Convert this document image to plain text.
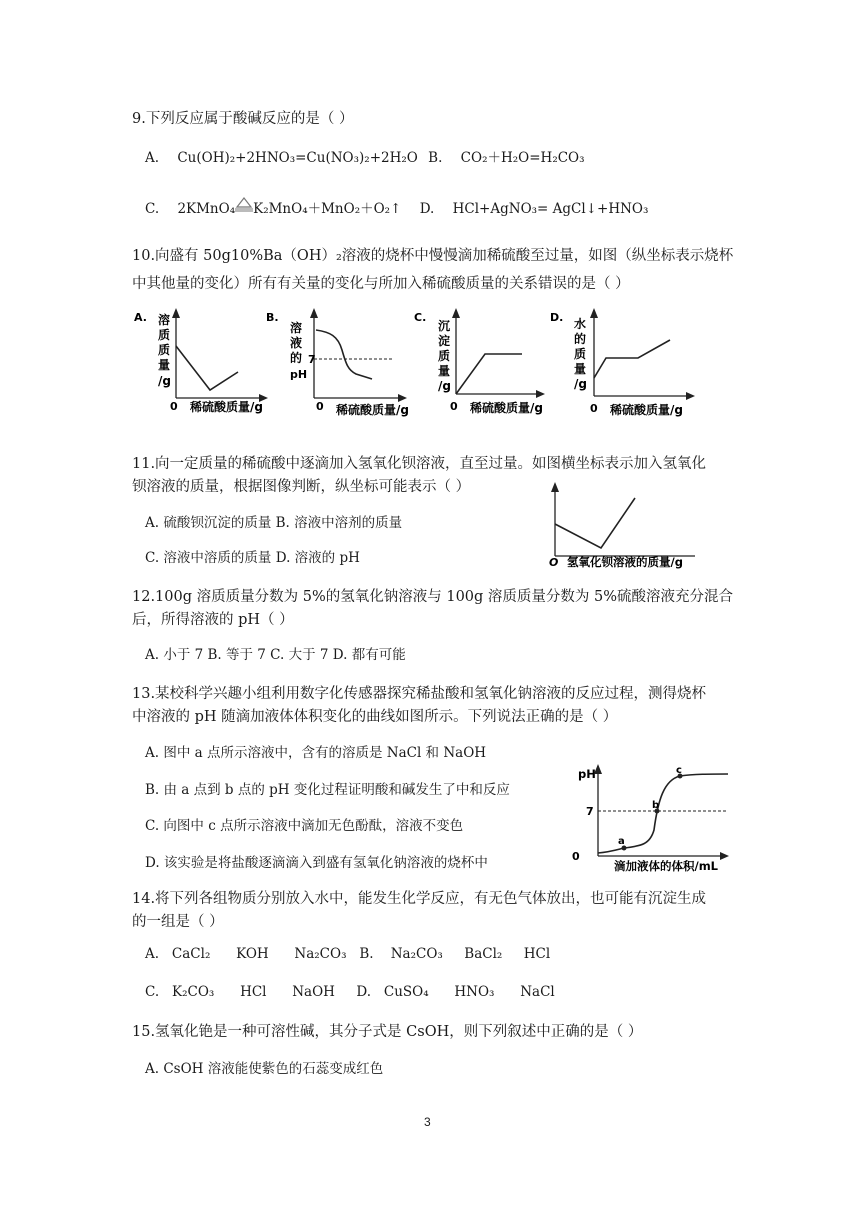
9.下列反应属于酸碱反应的是（ ）
A. Cu(OH)₂+2HNO₃=Cu(NO₃)₂+2H₂O B. CO₂＋H₂O=H₂CO₃
C. 2KMnO₄ K₂MnO₄＋MnO₂＋O₂↑ D. HCl+AgNO₃= AgCl↓+HNO₃
10.向盛有 50g10%Ba（OH）₂溶液的烧杯中慢慢滴加稀硫酸至过量，如图（纵坐标表示烧杯
中其他量的变化）所有有关量的变化与所加入稀硫酸质量的关系错误的是（ ）
A. 溶
质
质
量
/g
0 稀硫酸质量/g
B.
溶
液
的 7
pH
0 稀硫酸质量/g
C.
沉
淀
质
量
/g
0 稀硫酸质量/g
D. 水
的
质
量
/g
0 稀硫酸质量/g
11.向一定质量的稀硫酸中逐滴加入氢氧化钡溶液，直至过量。如图横坐标表示加入氢氧化
钡溶液的质量，根据图像判断，纵坐标可能表示（ ）
A. 硫酸钡沉淀的质量 B. 溶液中溶剂的质量
C. 溶液中溶质的质量 D. 溶液的 pH	O 氢氧化钡溶液的质量/g
12.100g 溶质质量分数为 5%的氢氧化钠溶液与 100g 溶质质量分数为 5%硫酸溶液充分混合
后，所得溶液的 pH（ ）
A. 小于 7 B. 等于 7 C. 大于 7 D. 都有可能
13.某校科学兴趣小组利用数字化传感器探究稀盐酸和氢氧化钠溶液的反应过程，测得烧杯
中溶液的 pH 随滴加液体体积变化的曲线如图所示。下列说法正确的是（ ）
A. 图中 a 点所示溶液中，含有的溶质是 NaCl 和 NaOH
B. 由 a 点到 b 点的 pH 变化过程证明酸和碱发生了中和反应
C. 向图中 c 点所示溶液中滴加无色酚酞，溶液不变色
D. 该实验是将盐酸逐滴滴入到盛有氢氧化钠溶液的烧杯中
pH
7
a
b
c
0
滴加液体的体积/mL
14.将下列各组物质分别放入水中，能发生化学反应，有无色气体放出，也可能有沉淀生成
的一组是（ ）
A.   CaCl₂      KOH      Na₂CO₃   B.    Na₂CO₃     BaCl₂     HCl
C.   K₂CO₃      HCl      NaOH     D.   CuSO₄      HNO₃      NaCl
15.氢氧化铯是一种可溶性碱，其分子式是 CsOH，则下列叙述中正确的是（ ）
A. CsOH 溶液能使紫色的石蕊变成红色
3
